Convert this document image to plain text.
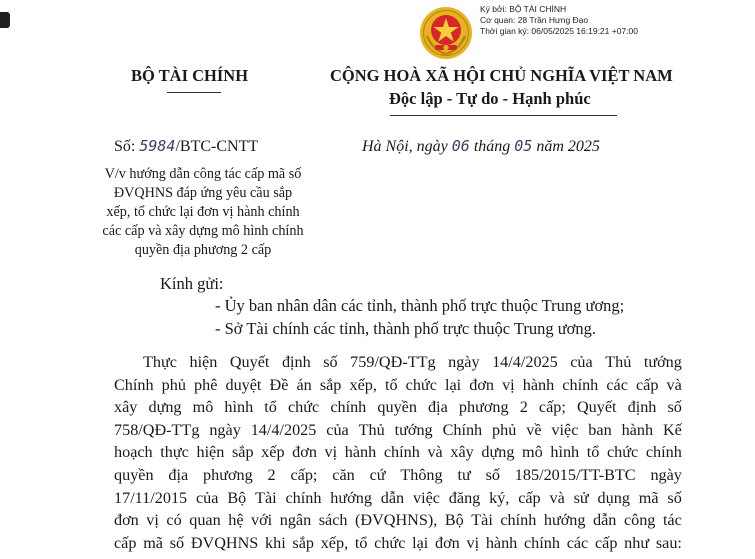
Ký bởi: BỘ TÀI CHÍNH
Cơ quan: 28 Trần Hưng Đạo
Thời gian ký: 06/05/2025 16:19:21 +07:00
BỘ TÀI CHÍNH	CỘNG HOÀ XÃ HỘI CHỦ NGHĨA VIỆT NAM
Độc lập - Tự do - Hạnh phúc
Số: 5984/BTC-CNTT	Hà Nội, ngày 06 tháng 05 năm 2025
V/v hướng dẫn công tác cấp mã số
ĐVQHNS đáp ứng yêu cầu sắp
xếp, tổ chức lại đơn vị hành chính
các cấp và xây dựng mô hình chính
quyền địa phương 2 cấp
Kính gửi:
- Ủy ban nhân dân các tỉnh, thành phố trực thuộc Trung ương;
- Sở Tài chính các tỉnh, thành phố trực thuộc Trung ương.
Thực hiện Quyết định số 759/QĐ-TTg ngày 14/4/2025 của Thủ tướng
Chính phủ phê duyệt Đề án sắp xếp, tổ chức lại đơn vị hành chính các cấp và
xây dựng mô hình tổ chức chính quyền địa phương 2 cấp; Quyết định số
758/QĐ-TTg ngày 14/4/2025 của Thủ tướng Chính phủ về việc ban hành Kế
hoạch thực hiện sắp xếp đơn vị hành chính và xây dựng mô hình tổ chức chính
quyền địa phương 2 cấp; căn cứ Thông tư số 185/2015/TT-BTC ngày
17/11/2015 của Bộ Tài chính hướng dẫn việc đăng ký, cấp và sử dụng mã số
đơn vị có quan hệ với ngân sách (ĐVQHNS), Bộ Tài chính hướng dẫn công tác
cấp mã số ĐVQHNS khi sắp xếp, tổ chức lại đơn vị hành chính các cấp như sau:
